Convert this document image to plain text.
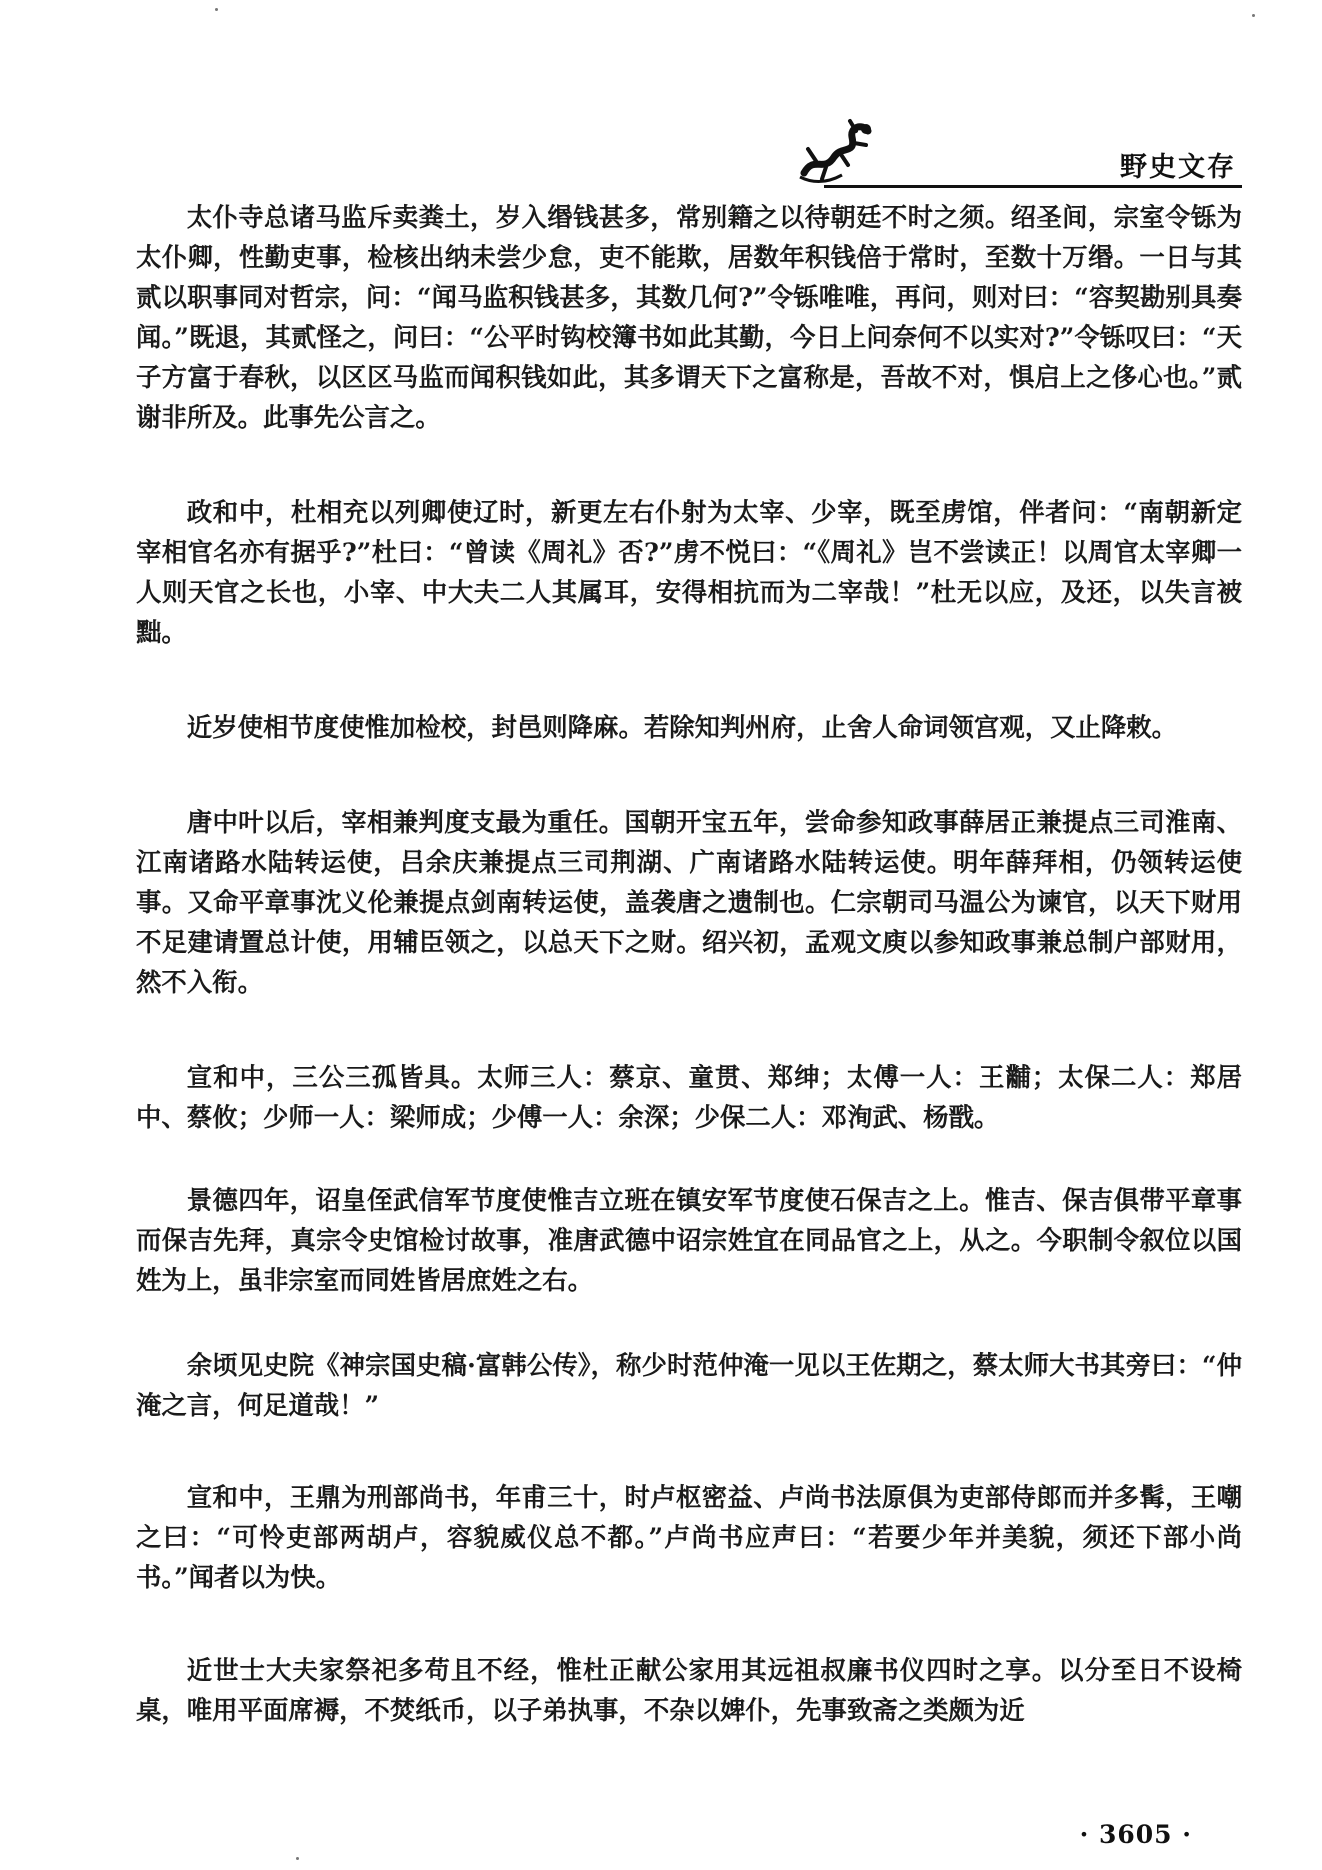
野史文存

太仆寺总诸马监斥卖粪土，岁入缗钱甚多，常别籍之以待朝廷不时之须。绍圣间，宗室令铄为太仆卿，性勤吏事，检核出纳未尝少怠，吏不能欺，居数年积钱倍于常时，至数十万缗。一日与其贰以职事同对哲宗，问：“闻马监积钱甚多，其数几何?”令铄唯唯，再问，则对曰：“容契勘别具奏闻。”既退，其贰怪之，问曰：“公平时钩校簿书如此其勤，今日上问奈何不以实对?”令铄叹曰：“天子方富于春秋，以区区马监而闻积钱如此，其多谓天下之富称是，吾故不对，惧启上之侈心也。”贰谢非所及。此事先公言之。

政和中，杜相充以列卿使辽时，新更左右仆射为太宰、少宰，既至虏馆，伴者问：“南朝新定宰相官名亦有据乎?”杜曰：“曾读《周礼》否?”虏不悦曰：“《周礼》岂不尝读正！以周官太宰卿一人则天官之长也，小宰、中大夫二人其属耳，安得相抗而为二宰哉！”杜无以应，及还，以失言被黜。

近岁使相节度使惟加检校，封邑则降麻。若除知判州府，止舍人命词领宫观，又止降敕。

唐中叶以后，宰相兼判度支最为重任。国朝开宝五年，尝命参知政事薛居正兼提点三司淮南、江南诸路水陆转运使，吕余庆兼提点三司荆湖、广南诸路水陆转运使。明年薛拜相，仍领转运使事。又命平章事沈义伦兼提点剑南转运使，盖袭唐之遗制也。仁宗朝司马温公为谏官，以天下财用不足建请置总计使，用辅臣领之，以总天下之财。绍兴初，孟观文庾以参知政事兼总制户部财用，然不入衔。

宣和中，三公三孤皆具。太师三人：蔡京、童贯、郑绅；太傅一人：王黼；太保二人：郑居中、蔡攸；少师一人：梁师成；少傅一人：余深；少保二人：邓洵武、杨戬。

景德四年，诏皇侄武信军节度使惟吉立班在镇安军节度使石保吉之上。惟吉、保吉俱带平章事而保吉先拜，真宗令史馆检讨故事，准唐武德中诏宗姓宜在同品官之上，从之。今职制令叙位以国姓为上，虽非宗室而同姓皆居庶姓之右。

余顷见史院《神宗国史稿·富韩公传》，称少时范仲淹一见以王佐期之，蔡太师大书其旁曰：“仲淹之言，何足道哉！”

宣和中，王鼎为刑部尚书，年甫三十，时卢枢密益、卢尚书法原俱为吏部侍郎而并多髯，王嘲之曰：“可怜吏部两胡卢，容貌威仪总不都。”卢尚书应声曰：“若要少年并美貌，须还下部小尚书。”闻者以为快。

近世士大夫家祭祀多苟且不经，惟杜正献公家用其远祖叔廉书仪四时之享。以分至日不设椅桌，唯用平面席褥，不焚纸币，以子弟执事，不杂以婢仆，先事致斋之类颇为近

· 3605 ·
